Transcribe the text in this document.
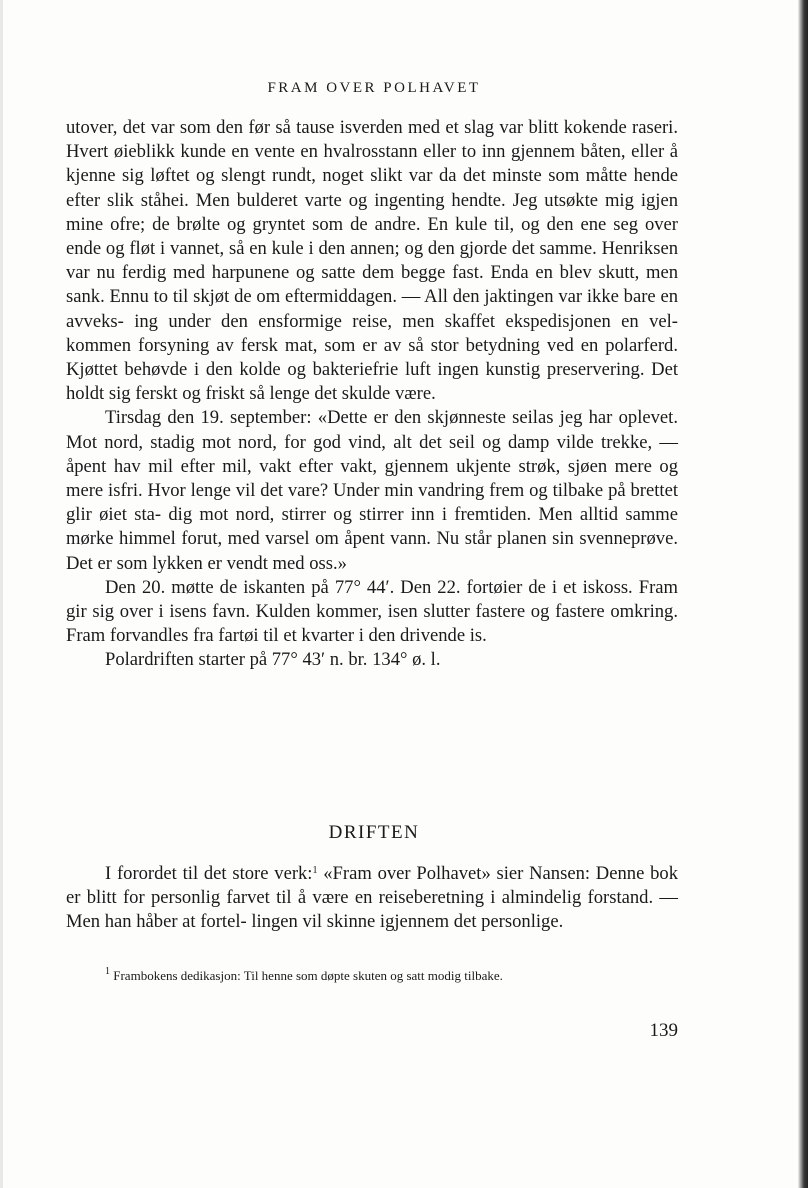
FRAM OVER POLHAVET

utover, det var som den før så tause isverden med et slag var blitt kokende raseri. Hvert øieblikk kunde en vente en hvalrosstann eller to inn gjennem båten, eller å kjenne sig løftet og slengt rundt, noget slikt var da det minste som måtte hende efter slik ståhei. Men bulderet varte og ingenting hendte. Jeg utsøkte mig igjen mine ofre; de brølte og gryntet som de andre. En kule til, og den ene seg over ende og fløt i vannet, så en kule i den annen; og den gjorde det samme. Henriksen var nu ferdig med harpunene og satte dem begge fast. Enda en blev skutt, men sank. Ennu to til skjøt de om eftermiddagen. — All den jaktingen var ikke bare en avveks- ing under den ensformige reise, men skaffet ekspedisjonen en vel- kommen forsyning av fersk mat, som er av så stor betydning ved en polarferd. Kjøttet behøvde i den kolde og bakteriefrie luft ingen kunstig preservering. Det holdt sig ferskt og friskt så lenge det skulde være.

Tirsdag den 19. september: «Dette er den skjønneste seilas jeg har oplevet. Mot nord, stadig mot nord, for god vind, alt det seil og damp vilde trekke, — åpent hav mil efter mil, vakt efter vakt, gjennem ukjente strøk, sjøen mere og mere isfri. Hvor lenge vil det vare? Under min vandring frem og tilbake på brettet glir øiet sta- dig mot nord, stirrer og stirrer inn i fremtiden. Men alltid samme mørke himmel forut, med varsel om åpent vann. Nu står planen sin svenneprøve. Det er som lykken er vendt med oss.»

Den 20. møtte de iskanten på 77° 44′. Den 22. fortøier de i et iskoss. Fram gir sig over i isens favn. Kulden kommer, isen slutter fastere og fastere omkring. Fram forvandles fra fartøi til et kvarter i den drivende is.

Polardriften starter på 77° 43′ n. br. 134° ø. l.

DRIFTEN

I forordet til det store verk:$^1$ «Fram over Polhavet» sier Nansen: Denne bok er blitt for personlig farvet til å være en reiseberetning i almindelig forstand. — Men han håber at fortel- lingen vil skinne igjennem det personlige.

$^1$ Frambokens dedikasjon: Til henne som døpte skuten og satt modig tilbake.

139
